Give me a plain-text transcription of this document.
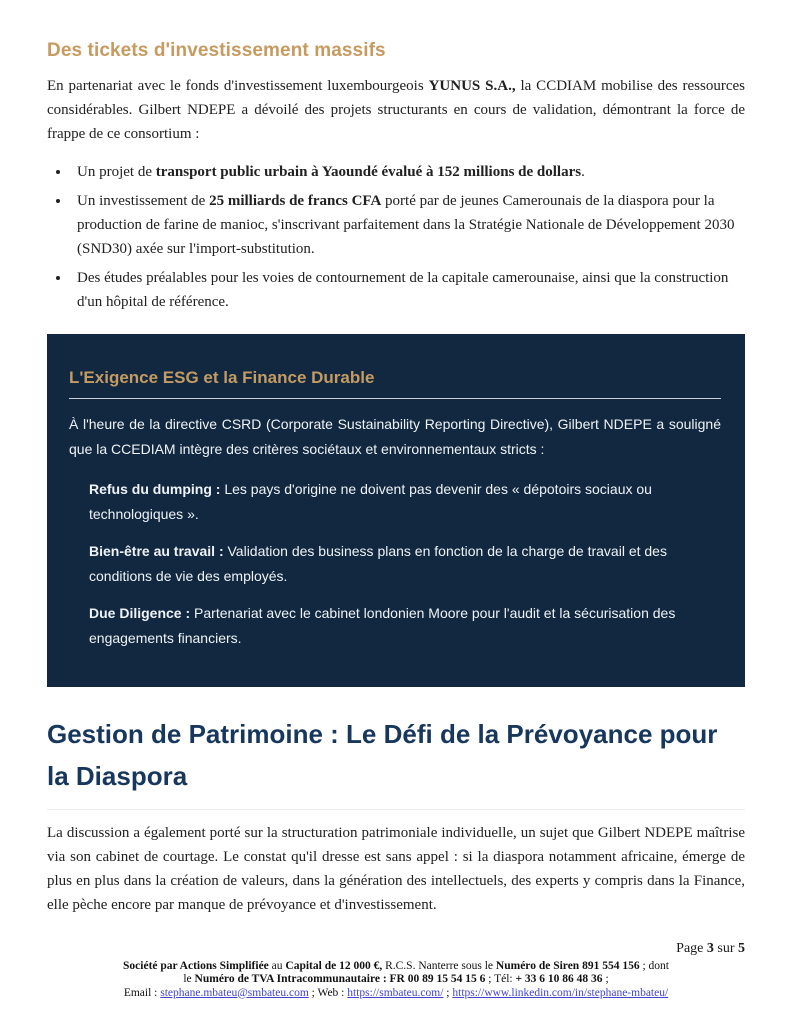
Des tickets d'investissement massifs

En partenariat avec le fonds d'investissement luxembourgeois YUNUS S.A., la CCDIAM mobilise des ressources considérables. Gilbert NDEPE a dévoilé des projets structurants en cours de validation, démontrant la force de frappe de ce consortium :

• Un projet de transport public urbain à Yaoundé évalué à 152 millions de dollars.
• Un investissement de 25 milliards de francs CFA porté par de jeunes Camerounais de la diaspora pour la production de farine de manioc, s'inscrivant parfaitement dans la Stratégie Nationale de Développement 2030 (SND30) axée sur l'import-substitution.
• Des études préalables pour les voies de contournement de la capitale camerounaise, ainsi que la construction d'un hôpital de référence.
L'Exigence ESG et la Finance Durable

À l'heure de la directive CSRD (Corporate Sustainability Reporting Directive), Gilbert NDEPE a souligné que la CCEDIAM intègre des critères sociétaux et environnementaux stricts :

Refus du dumping : Les pays d'origine ne doivent pas devenir des « dépotoirs sociaux ou technologiques ».

Bien-être au travail : Validation des business plans en fonction de la charge de travail et des conditions de vie des employés.

Due Diligence : Partenariat avec le cabinet londonien Moore pour l'audit et la sécurisation des engagements financiers.

Gestion de Patrimoine : Le Défi de la Prévoyance pour la Diaspora

La discussion a également porté sur la structuration patrimoniale individuelle, un sujet que Gilbert NDEPE maîtrise via son cabinet de courtage. Le constat qu'il dresse est sans appel : si la diaspora notamment africaine, émerge de plus en plus dans la création de valeurs, dans la génération des intellectuels, des experts y compris dans la Finance, elle pèche encore par manque de prévoyance et d'investissement.

Page 3 sur 5

Société par Actions Simplifiée au Capital de 12 000 €, R.C.S. Nanterre sous le Numéro de Siren 891 554 156 ; dont
le Numéro de TVA Intracommunautaire : FR 00 89 15 54 15 6 ; Tél: + 33 6 10 86 48 36 ;
Email : stephane.mbateu@smbateu.com ; Web : https://smbateu.com/ ; https://www.linkedin.com/in/stephane-mbateu/
